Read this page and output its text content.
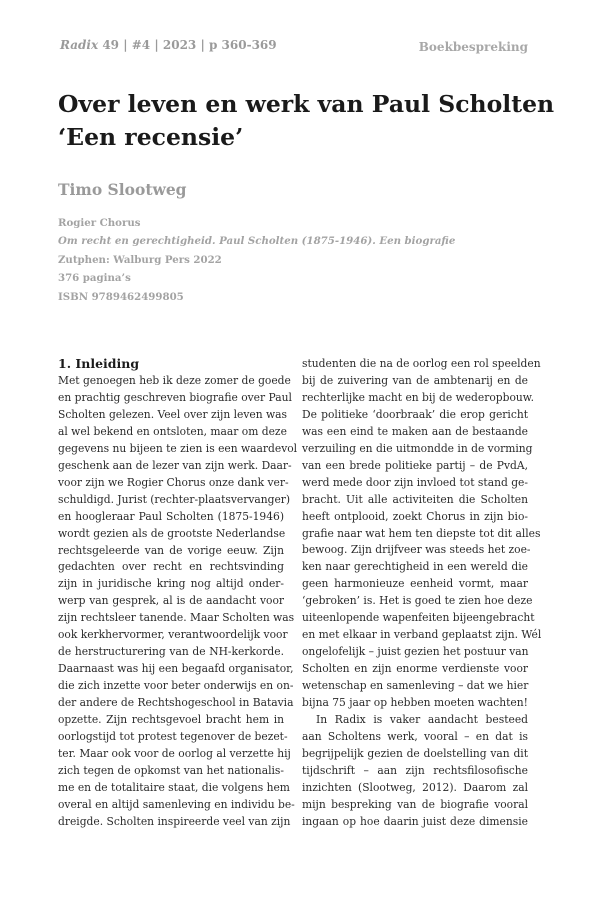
Radix 49 | #4 | 2023 | p 360-369	Boekbespreking
Over leven en werk van Paul Scholten
‘Een recensie’
Timo Slootweg
Rogier Chorus
Om recht en gerechtigheid. Paul Scholten (1875-1946). Een biografie
Zutphen: Walburg Pers 2022
376 pagina’s
ISBN 9789462499805
1. Inleiding
Met genoegen heb ik deze zomer de goede
en prachtig geschreven biografie over Paul
Scholten gelezen. Veel over zijn leven was
al wel bekend en ontsloten, maar om deze
gegevens nu bijeen te zien is een waardevol
geschenk aan de lezer van zijn werk. Daar-
voor zijn we Rogier Chorus onze dank ver-
schuldigd. Jurist (rechter-plaatsvervanger)
en hoogleraar Paul Scholten (1875-1946)
wordt gezien als de grootste Nederlandse
rechtsgeleerde van de vorige eeuw. Zijn
gedachten over recht en rechtsvinding
zijn in juridische kring nog altijd onder-
werp van gesprek, al is de aandacht voor
zijn rechtsleer tanende. Maar Scholten was
ook kerkhervormer, verantwoordelijk voor
de herstructurering van de NH-kerkorde.
Daarnaast was hij een begaafd organisator,
die zich inzette voor beter onderwijs en on-
der andere de Rechtshogeschool in Batavia
opzette. Zijn rechtsgevoel bracht hem in
oorlogstijd tot protest tegenover de bezet-
ter. Maar ook voor de oorlog al verzette hij
zich tegen de opkomst van het nationalis-
me en de totalitaire staat, die volgens hem
overal en altijd samenleving en individu be-
dreigde. Scholten inspireerde veel van zijn
studenten die na de oorlog een rol speelden
bij de zuivering van de ambtenarij en de
rechterlijke macht en bij de wederopbouw.
De politieke ‘doorbraak’ die erop gericht
was een eind te maken aan de bestaande
verzuiling en die uitmondde in de vorming
van een brede politieke partij – de PvdA,
werd mede door zijn invloed tot stand ge-
bracht. Uit alle activiteiten die Scholten
heeft ontplooid, zoekt Chorus in zijn bio-
grafie naar wat hem ten diepste tot dit alles
bewoog. Zijn drijfveer was steeds het zoe-
ken naar gerechtigheid in een wereld die
geen harmonieuze eenheid vormt, maar
‘gebroken’ is. Het is goed te zien hoe deze
uiteenlopende wapenfeiten bijeengebracht
en met elkaar in verband geplaatst zijn. Wél
ongelofelijk – juist gezien het postuur van
Scholten en zijn enorme verdienste voor
wetenschap en samenleving – dat we hier
bijna 75 jaar op hebben moeten wachten!
In Radix is vaker aandacht besteed
aan Scholtens werk, vooral – en dat is
begrijpelijk gezien de doelstelling van dit
tijdschrift – aan zijn rechtsfilosofische
inzichten (Slootweg, 2012). Daarom zal
mijn bespreking van de biografie vooral
ingaan op hoe daarin juist deze dimensie
